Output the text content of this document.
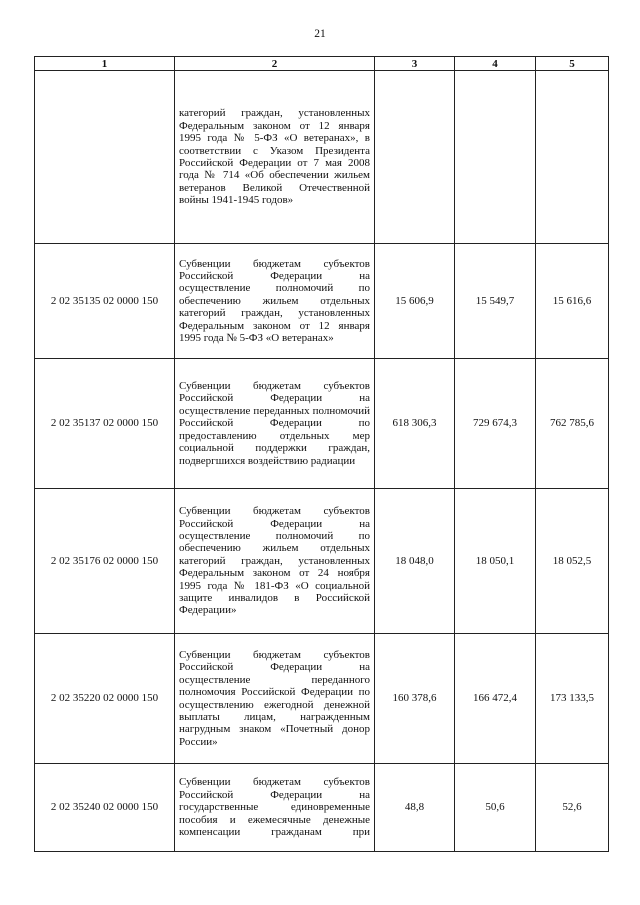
21
1	2	3	4	5
	категорий граждан, установленных Федеральным законом от 12 января 1995 года № 5-ФЗ «О ветеранах», в соответствии с Указом Президента Российской Федерации от 7 мая 2008 года № 714 «Об обеспечении жильем ветеранов Великой Отечественной войны 1941-1945 годов»			
2 02 35135 02 0000 150	Субвенции бюджетам субъектов Российской Федерации на осуществление полномочий по обеспечению жильем отдельных категорий граждан, установленных Федеральным законом от 12 января 1995 года № 5-ФЗ «О ветеранах»	15 606,9	15 549,7	15 616,6
2 02 35137 02 0000 150	Субвенции бюджетам субъектов Российской Федерации на осуществление переданных полномочий Российской Федерации по предоставлению отдельных мер социальной поддержки граждан, подвергшихся воздействию радиации	618 306,3	729 674,3	762 785,6
2 02 35176 02 0000 150	Субвенции бюджетам субъектов Российской Федерации на осуществление полномочий по обеспечению жильем отдельных категорий граждан, установленных Федеральным законом от 24 ноября 1995 года № 181-ФЗ «О социальной защите инвалидов в Российской Федерации»	18 048,0	18 050,1	18 052,5
2 02 35220 02 0000 150	Субвенции бюджетам субъектов Российской Федерации на осуществление переданного полномочия Российской Федерации по осуществлению ежегодной денежной выплаты лицам, награжденным нагрудным знаком «Почетный донор России»	160 378,6	166 472,4	173 133,5
2 02 35240 02 0000 150	Субвенции бюджетам субъектов Российской Федерации на государственные единовременные пособия и ежемесячные денежные компенсации гражданам при	48,8	50,6	52,6
